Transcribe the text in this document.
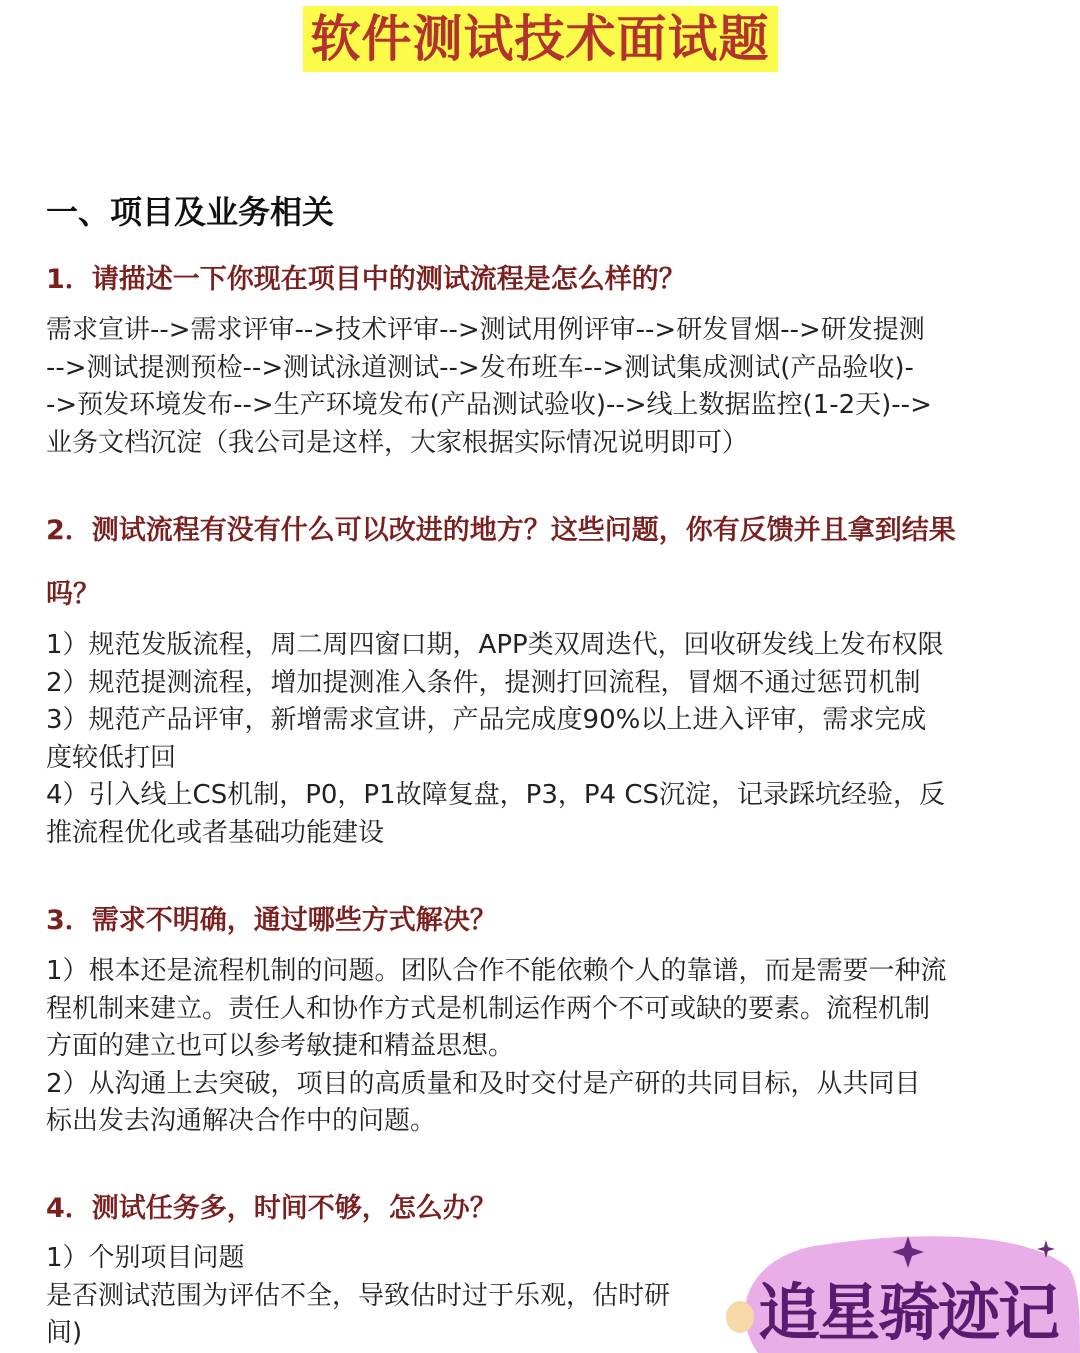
软件测试技术面试题
一、项目及业务相关
1．请描述一下你现在项目中的测试流程是怎么样的？
需求宣讲-->需求评审-->技术评审-->测试用例评审-->研发冒烟-->研发提测
-->测试提测预检-->测试泳道测试-->发布班车-->测试集成测试(产品验收)-
->预发环境发布-->生产环境发布(产品测试验收)-->线上数据监控(1-2天)-->
业务文档沉淀（我公司是这样，大家根据实际情况说明即可）
2．测试流程有没有什么可以改进的地方？这些问题，你有反馈并且拿到结果
吗？
1）规范发版流程，周二周四窗口期，APP类双周迭代，回收研发线上发布权限
2）规范提测流程，增加提测准入条件，提测打回流程，冒烟不通过惩罚机制
3）规范产品评审，新增需求宣讲，产品完成度90%以上进入评审，需求完成
度较低打回
4）引入线上CS机制，P0，P1故障复盘，P3，P4 CS沉淀，记录踩坑经验，反
推流程优化或者基础功能建设
3．需求不明确，通过哪些方式解决？
1）根本还是流程机制的问题。团队合作不能依赖个人的靠谱，而是需要一种流
程机制来建立。责任人和协作方式是机制运作两个不可或缺的要素。流程机制
方面的建立也可以参考敏捷和精益思想。
2）从沟通上去突破，项目的高质量和及时交付是产研的共同目标，从共同目
标出发去沟通解决合作中的问题。
4．测试任务多，时间不够，怎么办？
1）个别项目问题
是否测试范围为评估不全，导致估时过于乐观，估时研
间)	追星骑迹记
